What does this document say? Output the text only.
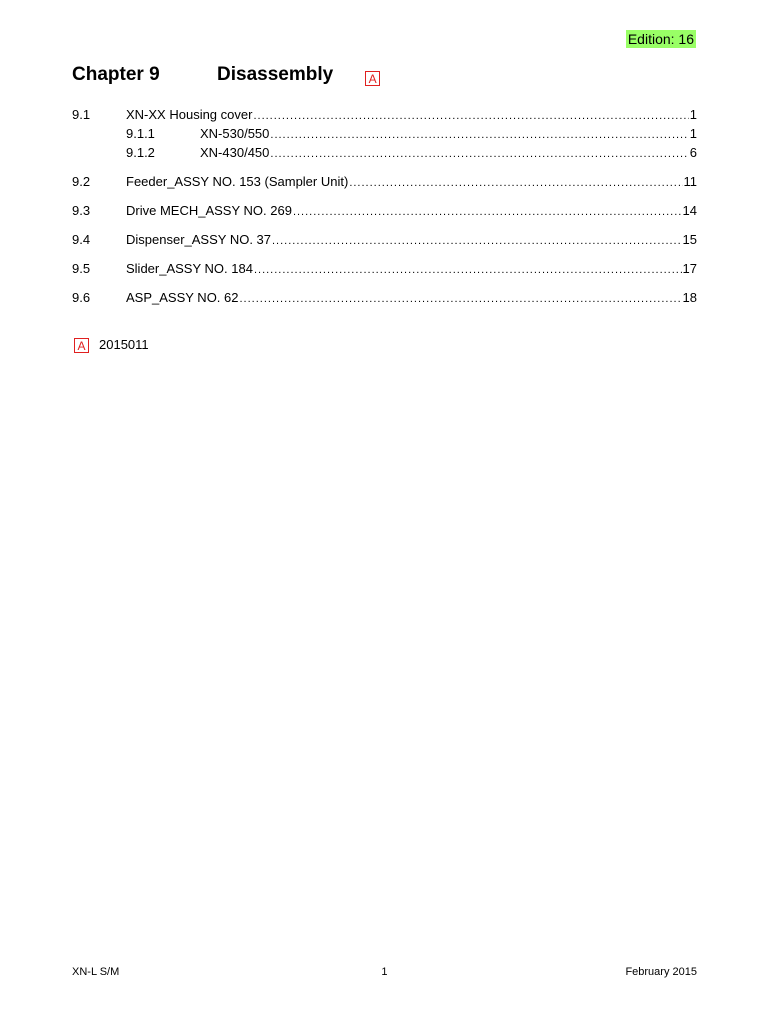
Edition: 16
Chapter 9	Disassembly	A
9.1	XN-XX Housing cover .....	1
9.1.1	XN-530/550 .....	1
9.1.2	XN-430/450 .....	6
9.2	Feeder_ASSY NO. 153 (Sampler Unit) .....	11
9.3	Drive MECH_ASSY NO. 269 .....	14
9.4	Dispenser_ASSY NO. 37 .....	15
9.5	Slider_ASSY NO. 184 .....	17
9.6	ASP_ASSY NO. 62 .....	18
A 2015011
XN-L S/M	1	February 2015
